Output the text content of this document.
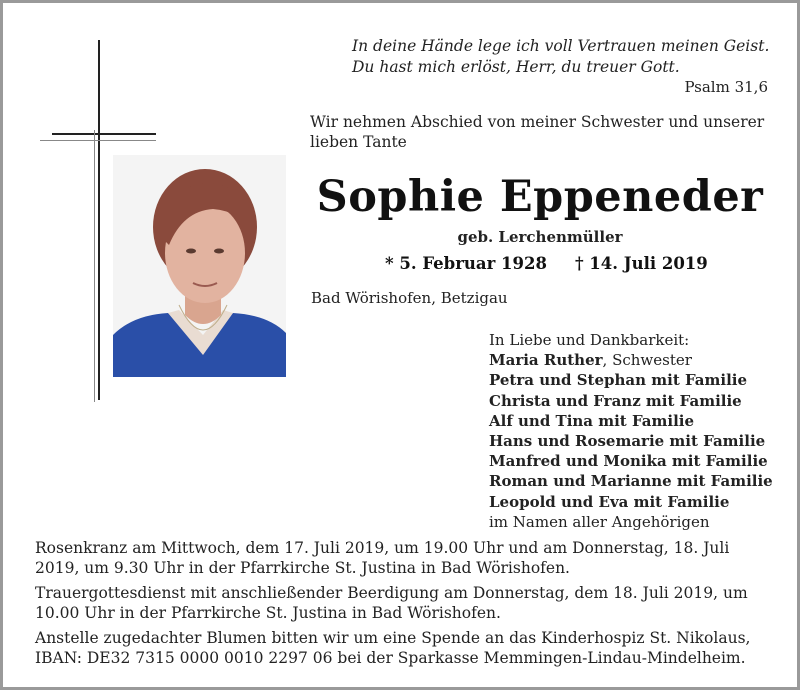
In deine Hände lege ich voll Vertrauen meinen Geist.
Du hast mich erlöst, Herr, du treuer Gott.
Psalm 31,6
Wir nehmen Abschied von meiner Schwester und unserer lieben Tante
Sophie Eppeneder
geb. Lerchenmüller
* 5. Februar 1928 † 14. Juli 2019
Bad Wörishofen, Betzigau
In Liebe und Dankbarkeit:
Maria Ruther, Schwester
Petra und Stephan mit Familie
Christa und Franz mit Familie
Alf und Tina mit Familie
Hans und Rosemarie mit Familie
Manfred und Monika mit Familie
Roman und Marianne mit Familie
Leopold und Eva mit Familie
im Namen aller Angehörigen

Rosenkranz am Mittwoch, dem 17. Juli 2019, um 19.00 Uhr und am Donnerstag, 18. Juli 2019, um 9.30 Uhr in der Pfarrkirche St. Justina in Bad Wörishofen.

Trauergottesdienst mit anschließender Beerdigung am Donnerstag, dem 18. Juli 2019, um 10.00 Uhr in der Pfarrkirche St. Justina in Bad Wörishofen.

Anstelle zugedachter Blumen bitten wir um eine Spende an das Kinderhospiz St. Nikolaus, IBAN: DE32 7315 0000 0010 2297 06 bei der Sparkasse Memmingen-Lindau-Mindelheim.
